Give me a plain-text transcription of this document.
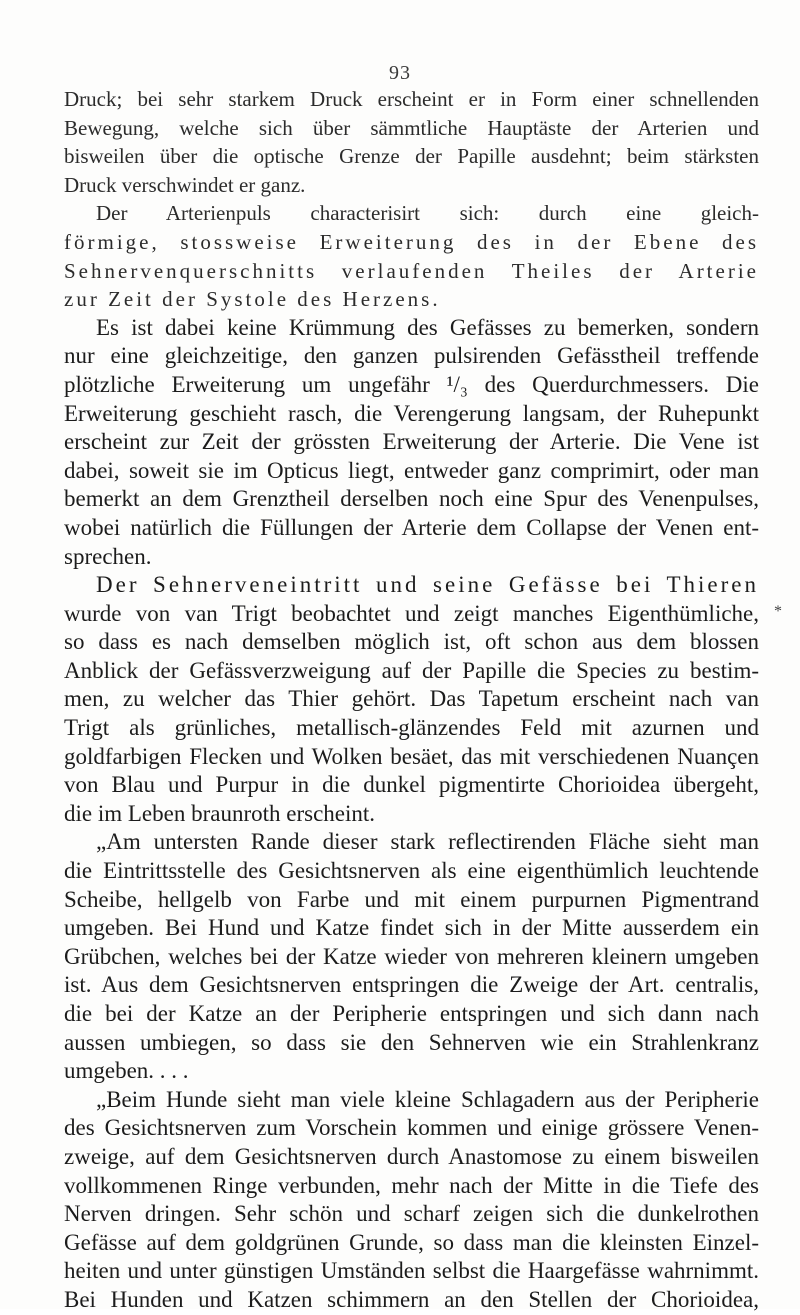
93
*
Druck; bei sehr starkem Druck erscheint er in Form einer schnellenden
Bewegung, welche sich über sämmtliche Hauptäste der Arterien und
bisweilen über die optische Grenze der Papille ausdehnt; beim stärksten
Druck verschwindet er ganz.
Der Arterienpuls characterisirt sich: durch eine gleich-
förmige, stossweise Erweiterung des in der Ebene des
Sehnervenquerschnitts verlaufenden Theiles der Arterie
zur Zeit der Systole des Herzens.
Es ist dabei keine Krümmung des Gefässes zu bemerken, sondern
nur eine gleichzeitige, den ganzen pulsirenden Gefässtheil treffende
plötzliche Erweiterung um ungefähr ¹/₃ des Querdurchmessers. Die
Erweiterung geschieht rasch, die Verengerung langsam, der Ruhepunkt
erscheint zur Zeit der grössten Erweiterung der Arterie. Die Vene ist
dabei, soweit sie im Opticus liegt, entweder ganz comprimirt, oder man
bemerkt an dem Grenztheil derselben noch eine Spur des Venenpulses,
wobei natürlich die Füllungen der Arterie dem Collapse der Venen ent-
sprechen.
Der Sehnerveneintritt und seine Gefässe bei Thieren
wurde von van Trigt beobachtet und zeigt manches Eigenthümliche,
so dass es nach demselben möglich ist, oft schon aus dem blossen
Anblick der Gefässverzweigung auf der Papille die Species zu bestim-
men, zu welcher das Thier gehört. Das Tapetum erscheint nach van
Trigt als grünliches, metallisch-glänzendes Feld mit azurnen und
goldfarbigen Flecken und Wolken besäet, das mit verschiedenen Nuançen
von Blau und Purpur in die dunkel pigmentirte Chorioidea übergeht,
die im Leben braunroth erscheint.
„Am untersten Rande dieser stark reflectirenden Fläche sieht man
die Eintrittsstelle des Gesichtsnerven als eine eigenthümlich leuchtende
Scheibe, hellgelb von Farbe und mit einem purpurnen Pigmentrand
umgeben. Bei Hund und Katze findet sich in der Mitte ausserdem ein
Grübchen, welches bei der Katze wieder von mehreren kleinern umgeben
ist. Aus dem Gesichtsnerven entspringen die Zweige der Art. centralis,
die bei der Katze an der Peripherie entspringen und sich dann nach
aussen umbiegen, so dass sie den Sehnerven wie ein Strahlenkranz
umgeben. . . .
„Beim Hunde sieht man viele kleine Schlagadern aus der Peripherie
des Gesichtsnerven zum Vorschein kommen und einige grössere Venen-
zweige, auf dem Gesichtsnerven durch Anastomose zu einem bisweilen
vollkommenen Ringe verbunden, mehr nach der Mitte in die Tiefe des
Nerven dringen. Sehr schön und scharf zeigen sich die dunkelrothen
Gefässe auf dem goldgrünen Grunde, so dass man die kleinsten Einzel-
heiten und unter günstigen Umständen selbst die Haargefässe wahrnimmt.
Bei Hunden und Katzen schimmern an den Stellen der Chorioidea,
